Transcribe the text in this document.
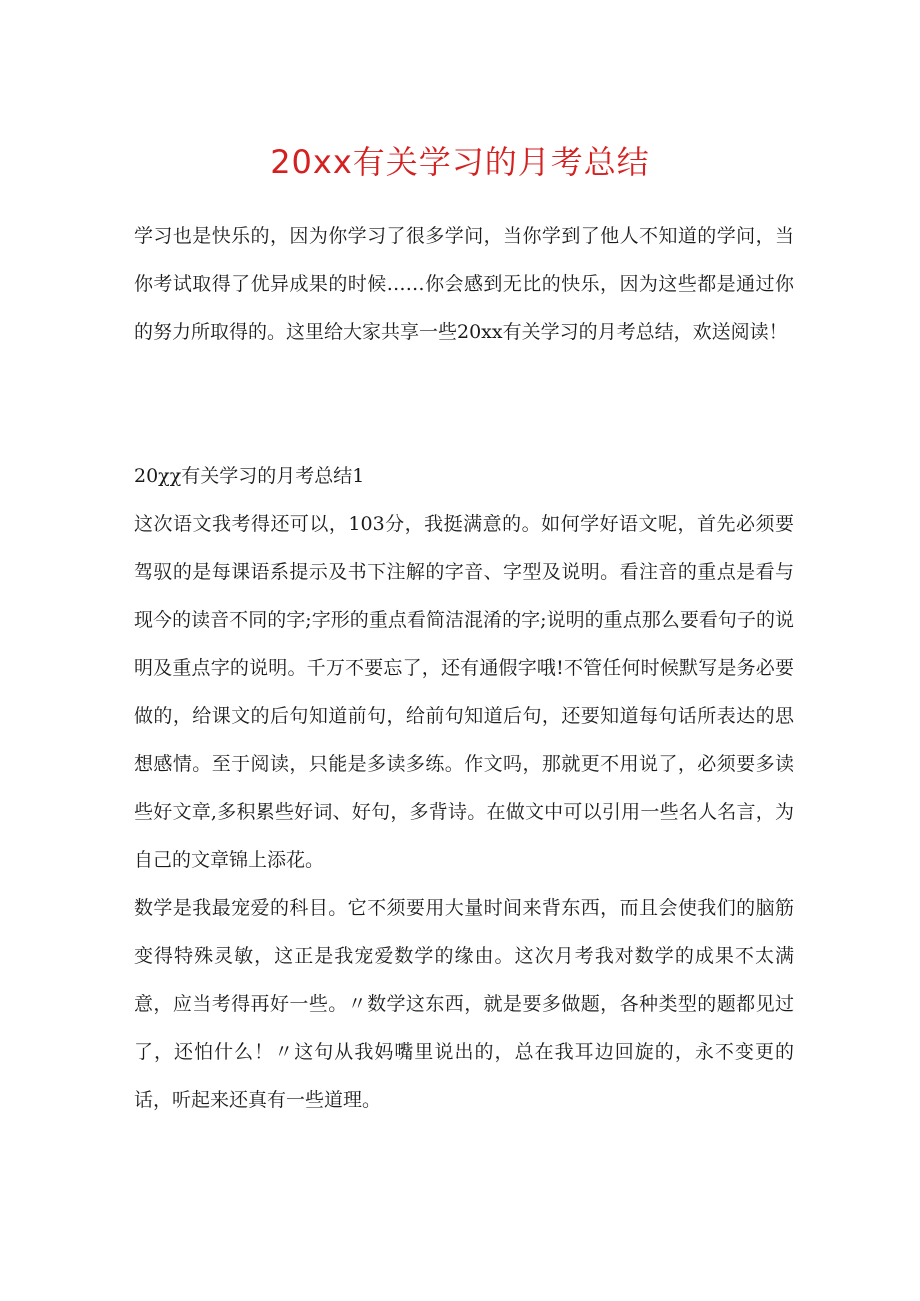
20xx有关学习的月考总结

学习也是快乐的，因为你学习了很多学问，当你学到了他人不知道的学问，当你考试取得了优异成果的时候……你会感到无比的快乐，因为这些都是通过你的努力所取得的。这里给大家共享一些20xx有关学习的月考总结，欢送阅读！

20χχ有关学习的月考总结1

这次语文我考得还可以，103分，我挺满意的。如何学好语文呢，首先必须要驾驭的是每课语系提示及书下注解的字音、字型及说明。看注音的重点是看与现今的读音不同的字;字形的重点看简洁混淆的字;说明的重点那么要看句子的说明及重点字的说明。千万不要忘了，还有通假字哦!不管任何时候默写是务必要做的，给课文的后句知道前句，给前句知道后句，还要知道每句话所表达的思想感情。至于阅读，只能是多读多练。作文吗，那就更不用说了，必须要多读些好文章,多积累些好词、好句，多背诗。在做文中可以引用一些名人名言，为自己的文章锦上添花。

数学是我最宠爱的科目。它不须要用大量时间来背东西，而且会使我们的脑筋变得特殊灵敏，这正是我宠爱数学的缘由。这次月考我对数学的成果不太满意，应当考得再好一些。〃数学这东西，就是要多做题，各种类型的题都见过了，还怕什么！〃这句从我妈嘴里说出的，总在我耳边回旋的，永不变更的话，听起来还真有一些道理。
